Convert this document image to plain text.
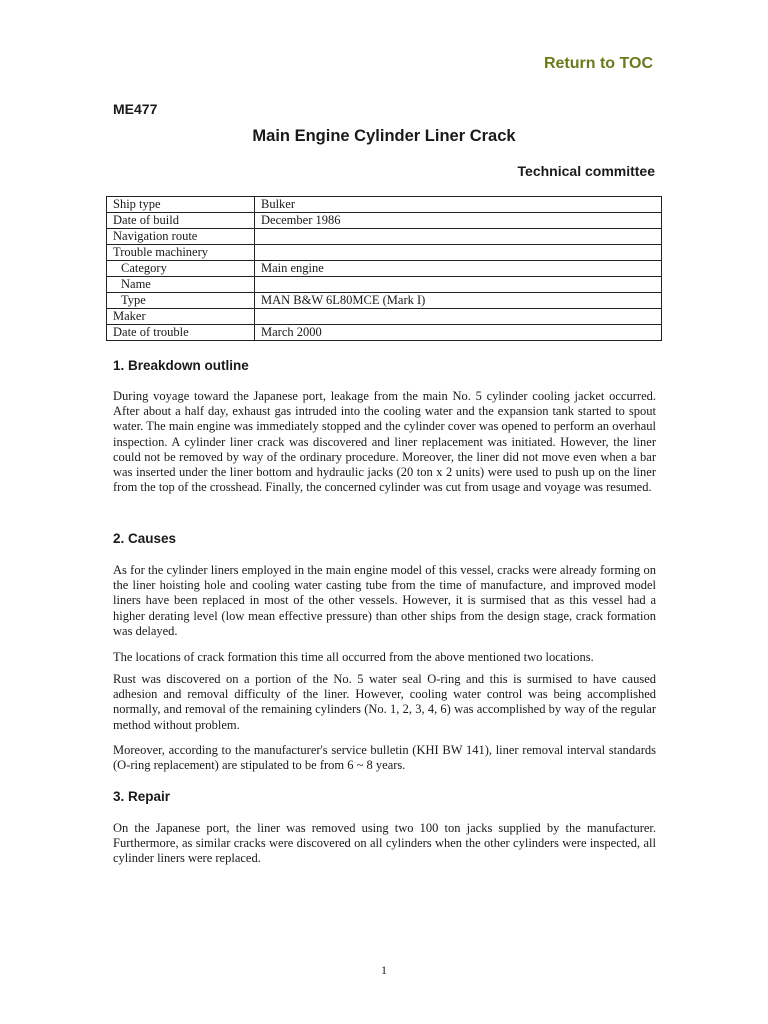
Return to TOC
ME477
Main Engine Cylinder Liner Crack
Technical committee
Ship type	Bulker
Date of build	December 1986
Navigation route	
Trouble machinery	
Category	Main engine
Name	
Type	MAN B&W 6L80MCE (Mark I)
Maker	
Date of trouble	March 2000
1. Breakdown outline

During voyage toward the Japanese port, leakage from the main No. 5 cylinder cooling jacket occurred. After about a half day, exhaust gas intruded into the cooling water and the expansion tank started to spout water. The main engine was immediately stopped and the cylinder cover was opened to perform an overhaul inspection. A cylinder liner crack was discovered and liner replacement was initiated. However, the liner could not be removed by way of the ordinary procedure. Moreover, the liner did not move even when a bar was inserted under the liner bottom and hydraulic jacks (20 ton x 2 units) were used to push up on the liner from the top of the crosshead. Finally, the concerned cylinder was cut from usage and voyage was resumed.

2. Causes

As for the cylinder liners employed in the main engine model of this vessel, cracks were already forming on the liner hoisting hole and cooling water casting tube from the time of manufacture, and improved model liners have been replaced in most of the other vessels. However, it is surmised that as this vessel had a higher derating level (low mean effective pressure) than other ships from the design stage, crack formation was delayed.

The locations of crack formation this time all occurred from the above mentioned two locations.

Rust was discovered on a portion of the No. 5 water seal O-ring and this is surmised to have caused adhesion and removal difficulty of the liner. However, cooling water control was being accomplished normally, and removal of the remaining cylinders (No. 1, 2, 3, 4, 6) was accomplished by way of the regular method without problem.

Moreover, according to the manufacturer's service bulletin (KHI BW 141), liner removal interval standards (O-ring replacement) are stipulated to be from 6 ~ 8 years.

3. Repair

On the Japanese port, the liner was removed using two 100 ton jacks supplied by the manufacturer. Furthermore, as similar cracks were discovered on all cylinders when the other cylinders were inspected, all cylinder liners were replaced.

1
